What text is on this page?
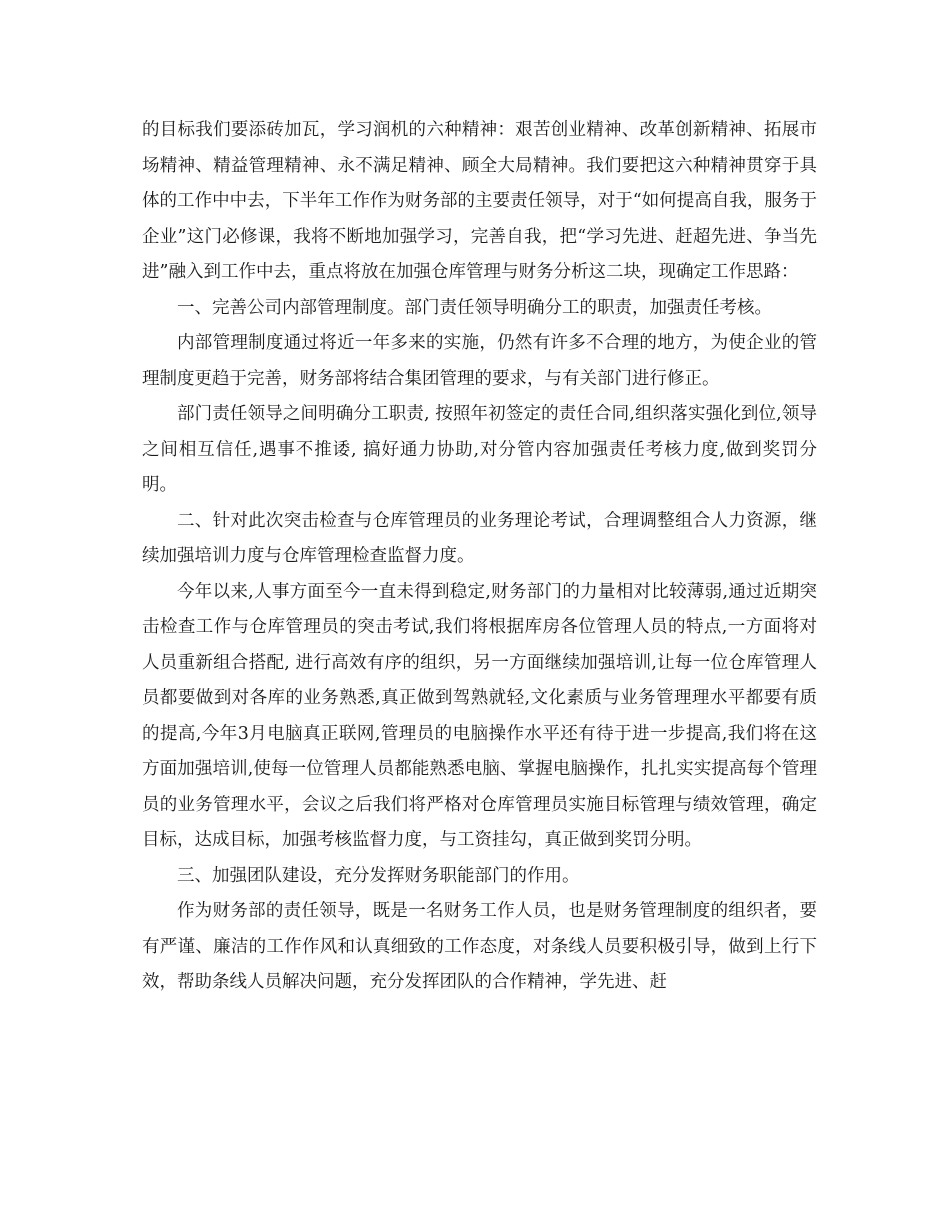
的目标我们要添砖加瓦，学习润机的六种精神：艰苦创业精神、改革创新精神、拓展市场精神、精益管理精神、永不满足精神、顾全大局精神。我们要把这六种精神贯穿于具体的工作中中去，下半年工作作为财务部的主要责任领导，对于“如何提高自我，服务于企业”这门必修课，我将不断地加强学习，完善自我，把“学习先进、赶超先进、争当先进”融入到工作中去，重点将放在加强仓库管理与财务分析这二块，现确定工作思路：

一、完善公司内部管理制度。部门责任领导明确分工的职责，加强责任考核。

内部管理制度通过将近一年多来的实施，仍然有许多不合理的地方，为使企业的管理制度更趋于完善，财务部将结合集团管理的要求，与有关部门进行修正。

部门责任领导之间明确分工职责, 按照年初签定的责任合同,组织落实强化到位,领导之间相互信任,遇事不推诿, 搞好通力协助,对分管内容加强责任考核力度,做到奖罚分明。

二、针对此次突击检查与仓库管理员的业务理论考试，合理调整组合人力资源，继续加强培训力度与仓库管理检查监督力度。

今年以来,人事方面至今一直未得到稳定,财务部门的力量相对比较薄弱,通过近期突击检查工作与仓库管理员的突击考试,我们将根据库房各位管理人员的特点,一方面将对人员重新组合搭配, 进行高效有序的组织，另一方面继续加强培训,让每一位仓库管理人员都要做到对各库的业务熟悉,真正做到驾熟就轻,文化素质与业务管理理水平都要有质的提高,今年3月电脑真正联网,管理员的电脑操作水平还有待于进一步提高,我们将在这方面加强培训,使每一位管理人员都能熟悉电脑、掌握电脑操作，扎扎实实提高每个管理员的业务管理水平，会议之后我们将严格对仓库管理员实施目标管理与绩效管理，确定目标，达成目标，加强考核监督力度，与工资挂勾，真正做到奖罚分明。

三、加强团队建设，充分发挥财务职能部门的作用。

作为财务部的责任领导，既是一名财务工作人员，也是财务管理制度的组织者，要有严谨、廉洁的工作作风和认真细致的工作态度，对条线人员要积极引导，做到上行下效，帮助条线人员解决问题，充分发挥团队的合作精神，学先进、赶
